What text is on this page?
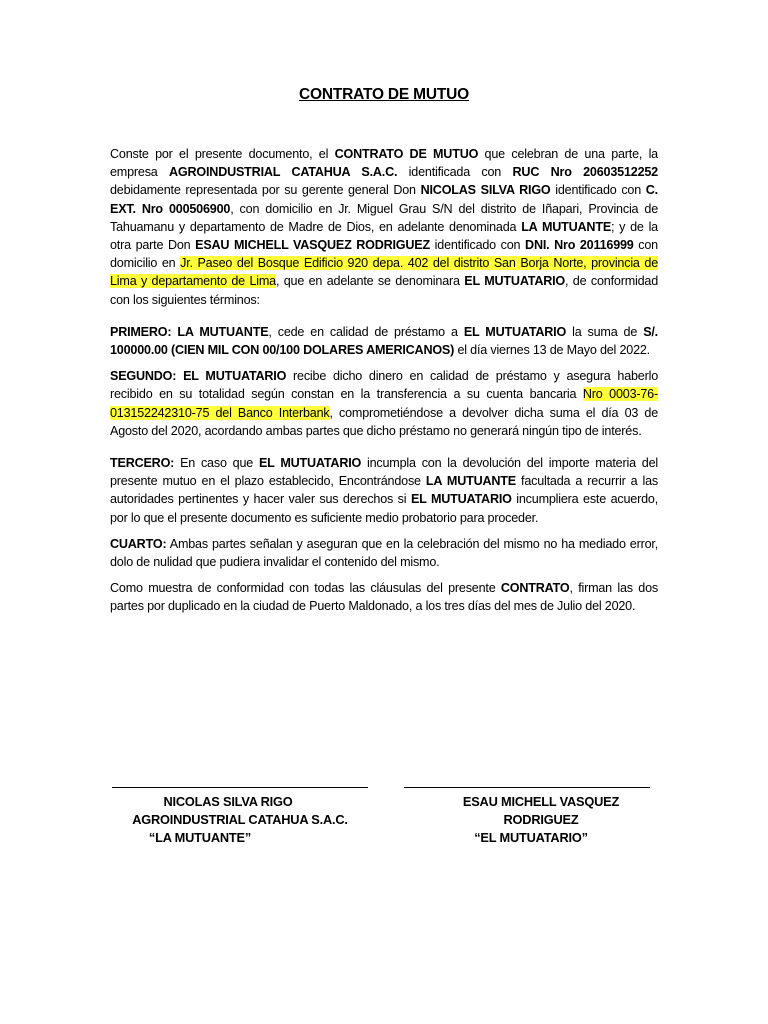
CONTRATO DE MUTUO

Conste por el presente documento, el CONTRATO DE MUTUO que celebran de una parte, la empresa AGROINDUSTRIAL CATAHUA S.A.C. identificada con RUC Nro 20603512252 debidamente representada por su gerente general Don NICOLAS SILVA RIGO identificado con C. EXT. Nro 000506900, con domicilio en Jr. Miguel Grau S/N del distrito de Iñapari, Provincia de Tahuamanu y departamento de Madre de Dios, en adelante denominada LA MUTUANTE; y de la otra parte Don ESAU MICHELL VASQUEZ RODRIGUEZ identificado con DNI. Nro 20116999 con domicilio en Jr. Paseo del Bosque Edificio 920 depa. 402 del distrito San Borja Norte, provincia de Lima y departamento de Lima, que en adelante se denominara EL MUTUATARIO, de conformidad con los siguientes términos:

PRIMERO: LA MUTUANTE, cede en calidad de préstamo a EL MUTUATARIO la suma de S/. 100000.00 (CIEN MIL CON 00/100 DOLARES AMERICANOS) el día viernes 13 de Mayo del 2022.

SEGUNDO: EL MUTUATARIO recibe dicho dinero en calidad de préstamo y asegura haberlo recibido en su totalidad según constan en la transferencia a su cuenta bancaria Nro 0003-76-013152242310-75 del Banco Interbank, comprometiéndose a devolver dicha suma el día 03 de Agosto del 2020, acordando ambas partes que dicho préstamo no generará ningún tipo de interés.

TERCERO: En caso que EL MUTUATARIO incumpla con la devolución del importe materia del presente mutuo en el plazo establecido, Encontrándose LA MUTUANTE facultada a recurrir a las autoridades pertinentes y hacer valer sus derechos si EL MUTUATARIO incumpliera este acuerdo, por lo que el presente documento es suficiente medio probatorio para proceder.

CUARTO: Ambas partes señalan y aseguran que en la celebración del mismo no ha mediado error, dolo de nulidad que pudiera invalidar el contenido del mismo.

Como muestra de conformidad con todas las cláusulas del presente CONTRATO, firman las dos partes por duplicado en la ciudad de Puerto Maldonado, a los tres días del mes de Julio del 2020.

NICOLAS SILVA RIGO
AGROINDUSTRIAL CATAHUA S.A.C.
“LA MUTUANTE”
ESAU MICHELL VASQUEZ RODRIGUEZ
“EL MUTUATARIO”
